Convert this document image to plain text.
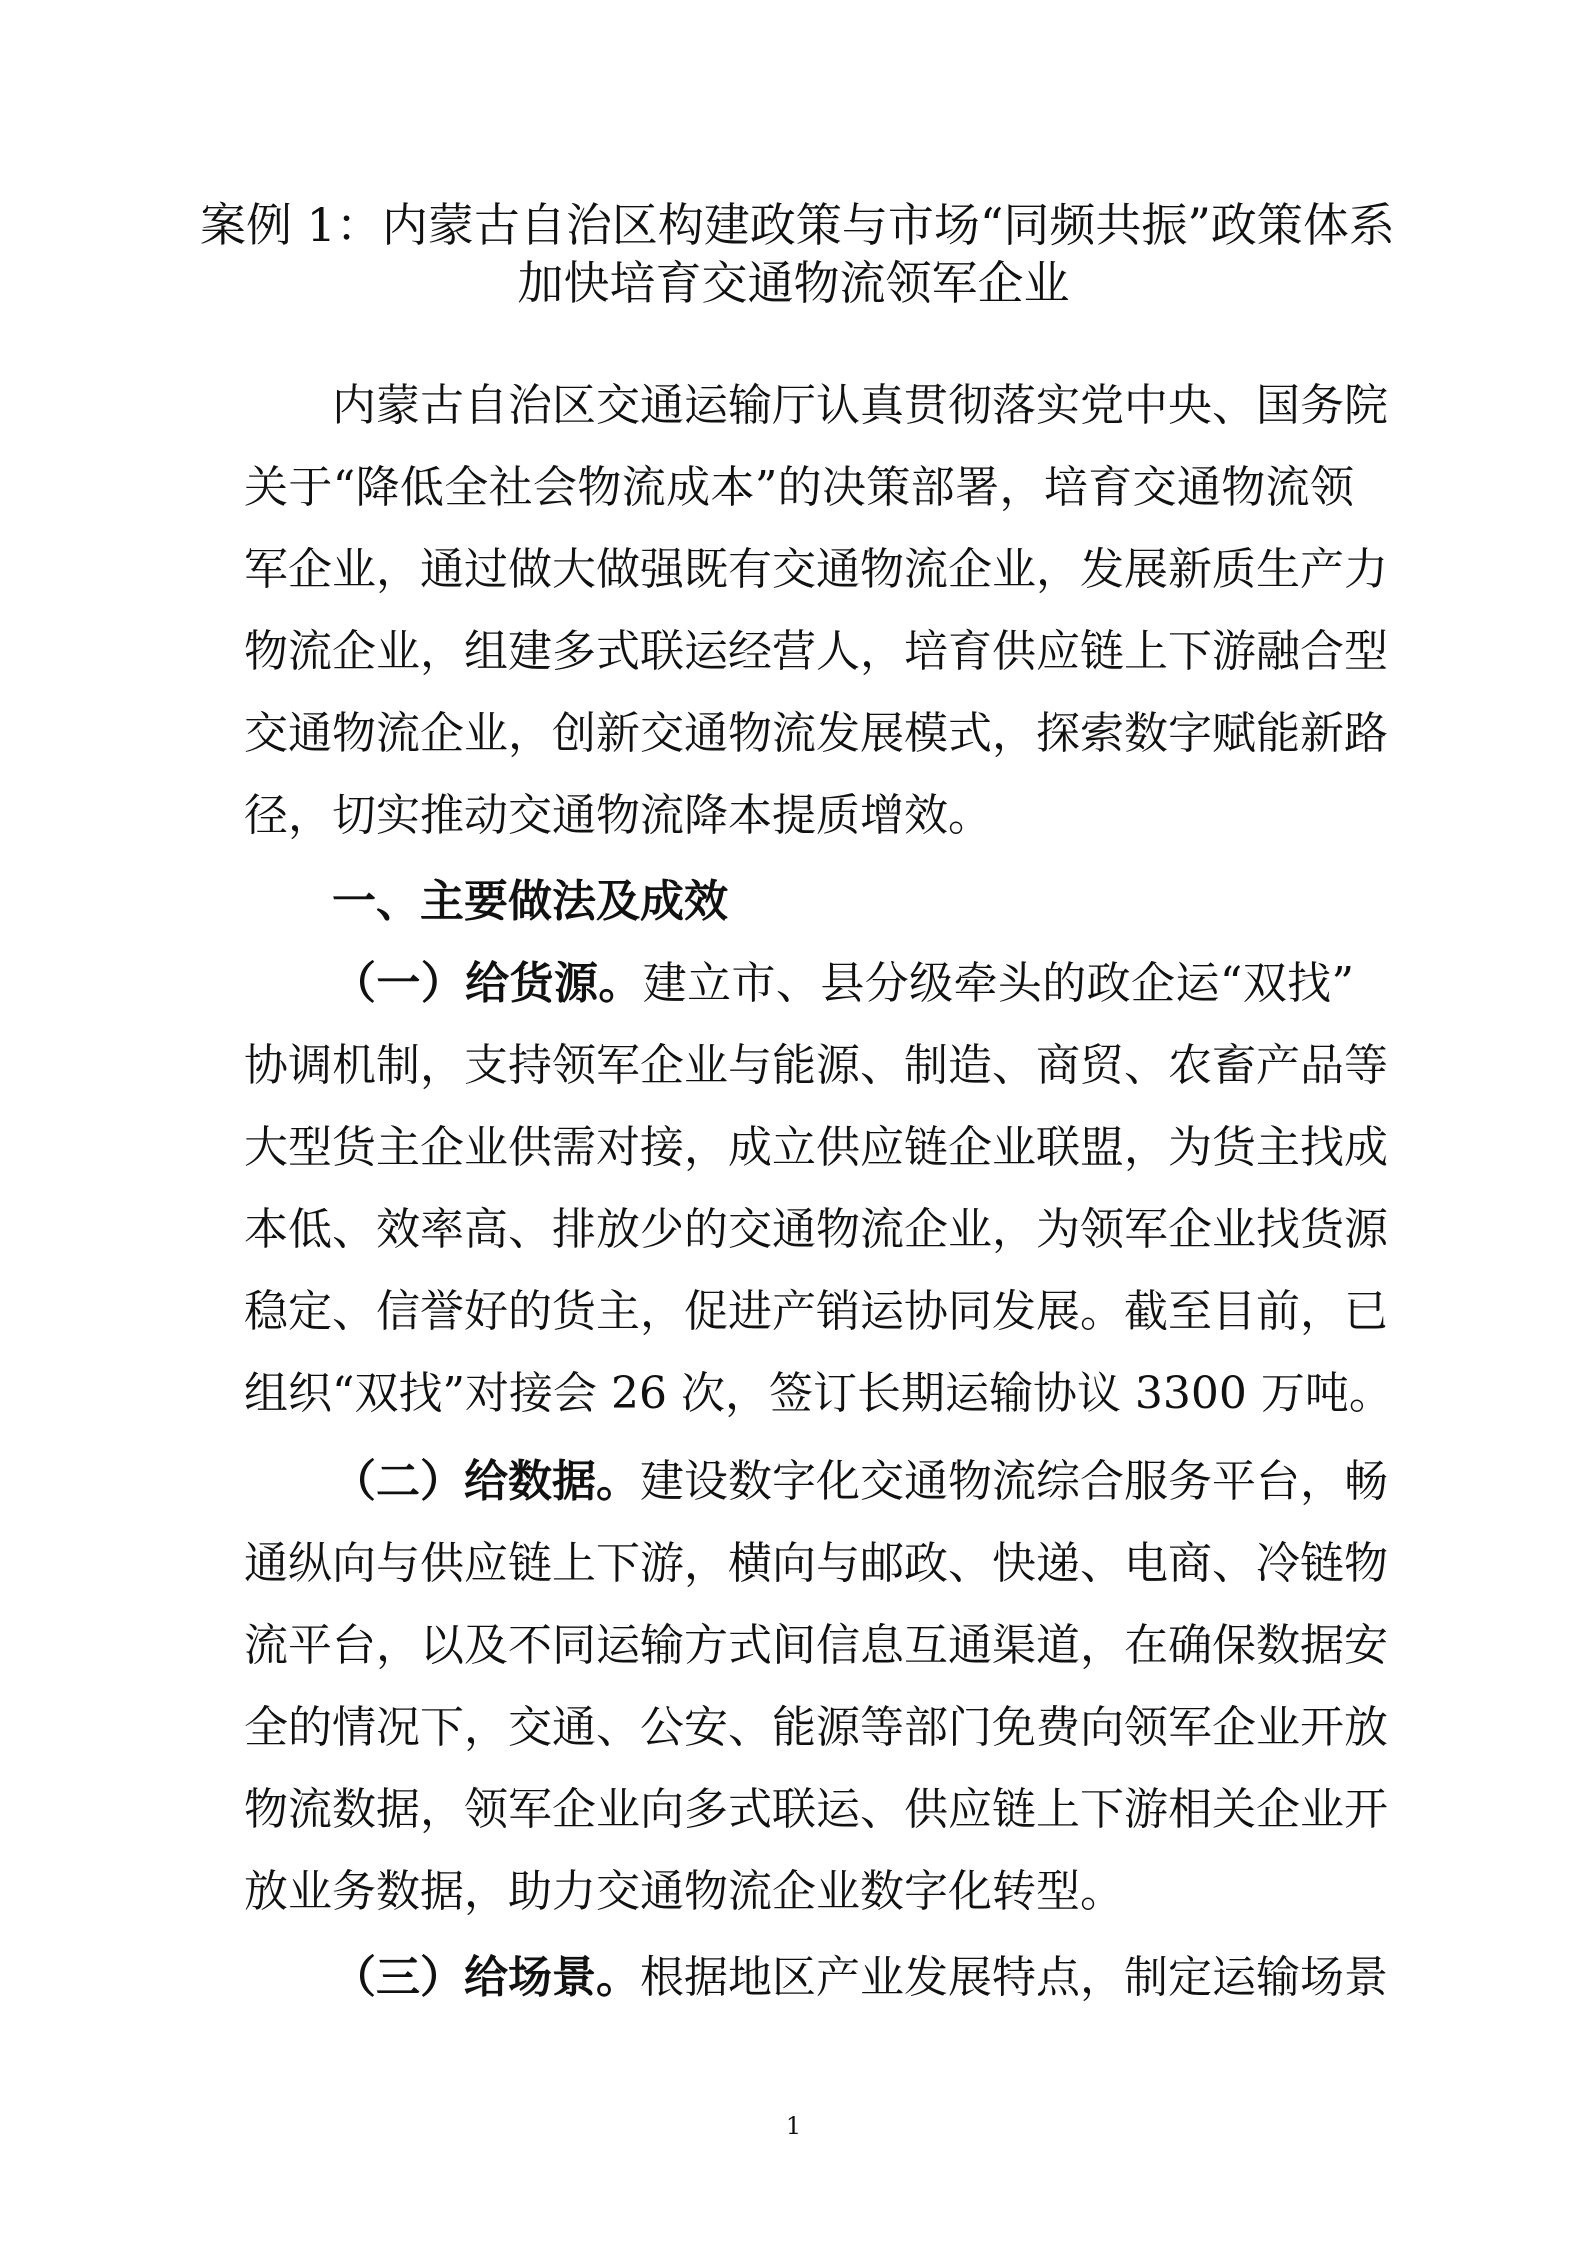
案例 1：内蒙古自治区构建政策与市场“同频共振”政策体系
加快培育交通物流领军企业
内蒙古自治区交通运输厅认真贯彻落实党中央、国务院
关于“降低全社会物流成本”的决策部署，培育交通物流领
军企业，通过做大做强既有交通物流企业，发展新质生产力
物流企业，组建多式联运经营人，培育供应链上下游融合型
交通物流企业，创新交通物流发展模式，探索数字赋能新路
径，切实推动交通物流降本提质增效。
一、主要做法及成效
（一）给货源。建立市、县分级牵头的政企运“双找”
协调机制，支持领军企业与能源、制造、商贸、农畜产品等
大型货主企业供需对接，成立供应链企业联盟，为货主找成
本低、效率高、排放少的交通物流企业，为领军企业找货源
稳定、信誉好的货主，促进产销运协同发展。截至目前，已
组织“双找”对接会 26 次，签订长期运输协议 3300 万吨。
（二）给数据。建设数字化交通物流综合服务平台，畅
通纵向与供应链上下游，横向与邮政、快递、电商、冷链物
流平台，以及不同运输方式间信息互通渠道，在确保数据安
全的情况下，交通、公安、能源等部门免费向领军企业开放
物流数据，领军企业向多式联运、供应链上下游相关企业开
放业务数据，助力交通物流企业数字化转型。
（三）给场景。根据地区产业发展特点，制定运输场景
1
